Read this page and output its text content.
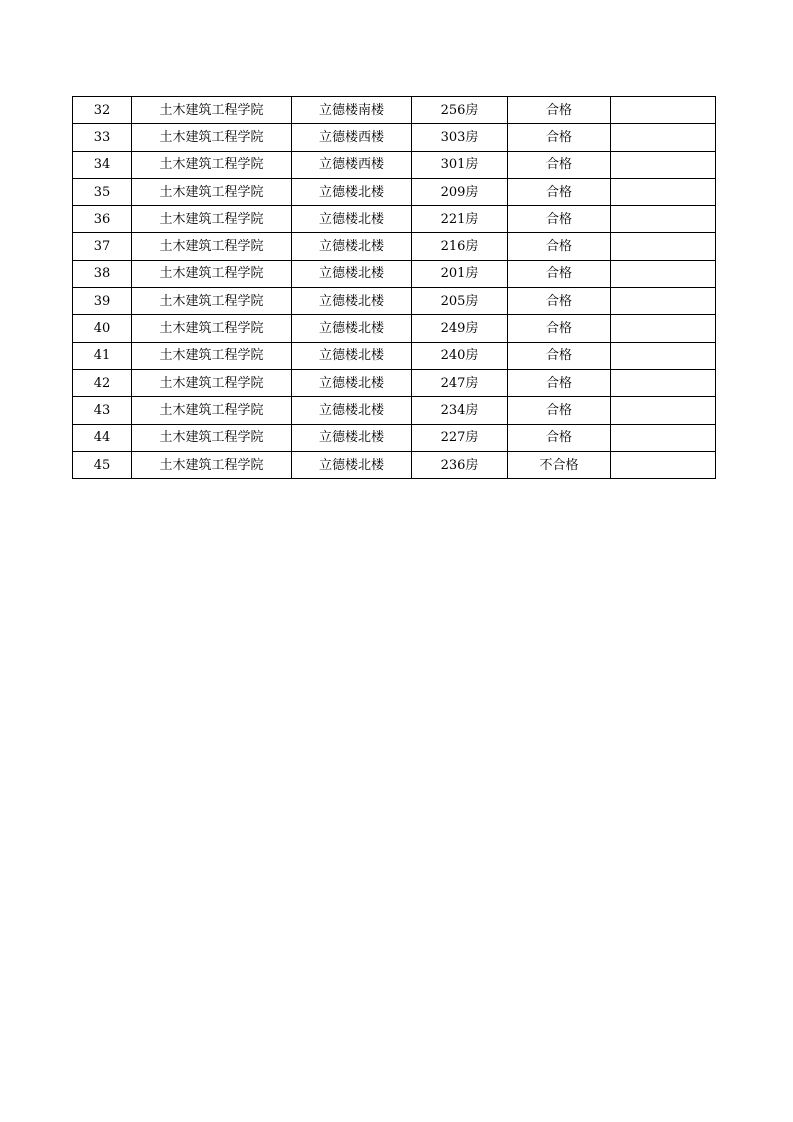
32	土木建筑工程学院	立德楼南楼	256房	合格	
33	土木建筑工程学院	立德楼西楼	303房	合格	
34	土木建筑工程学院	立德楼西楼	301房	合格	
35	土木建筑工程学院	立德楼北楼	209房	合格	
36	土木建筑工程学院	立德楼北楼	221房	合格	
37	土木建筑工程学院	立德楼北楼	216房	合格	
38	土木建筑工程学院	立德楼北楼	201房	合格	
39	土木建筑工程学院	立德楼北楼	205房	合格	
40	土木建筑工程学院	立德楼北楼	249房	合格	
41	土木建筑工程学院	立德楼北楼	240房	合格	
42	土木建筑工程学院	立德楼北楼	247房	合格	
43	土木建筑工程学院	立德楼北楼	234房	合格	
44	土木建筑工程学院	立德楼北楼	227房	合格	
45	土木建筑工程学院	立德楼北楼	236房	不合格	
